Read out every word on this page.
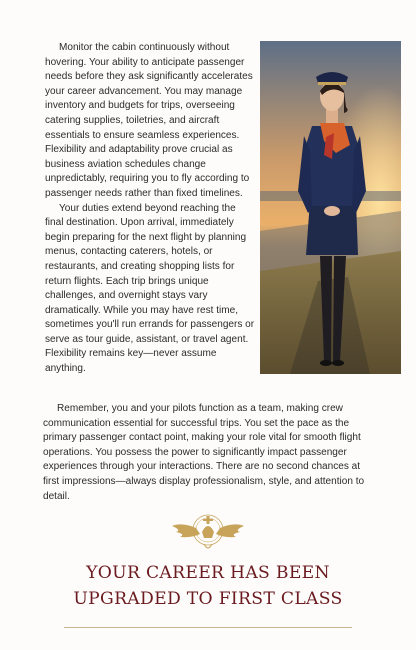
Monitor the cabin continuously without hovering. Your ability to anticipate passenger needs before they ask significantly accelerates your career advancement. You may manage inventory and budgets for trips, overseeing catering supplies, toiletries, and aircraft essentials to ensure seamless experiences. Flexibility and adaptability prove crucial as business aviation schedules change unpredictably, requiring you to fly according to passenger needs rather than fixed timelines.

Your duties extend beyond reaching the final destination. Upon arrival, immediately begin preparing for the next flight by planning menus, contacting caterers, hotels, or restaurants, and creating shopping lists for return flights. Each trip brings unique challenges, and overnight stays vary dramatically. While you may have rest time, sometimes you'll run errands for passengers or serve as tour guide, assistant, or travel agent. Flexibility remains key—never assume anything.

Remember, you and your pilots function as a team, making crew communication essential for successful trips. You set the pace as the primary passenger contact point, making your role vital for smooth flight operations. You possess the power to significantly impact passenger experiences through your interactions. There are no second chances at first impressions—always display professionalism, style, and attention to detail.

YOUR CAREER HAS BEEN
UPGRADED TO FIRST CLASS
